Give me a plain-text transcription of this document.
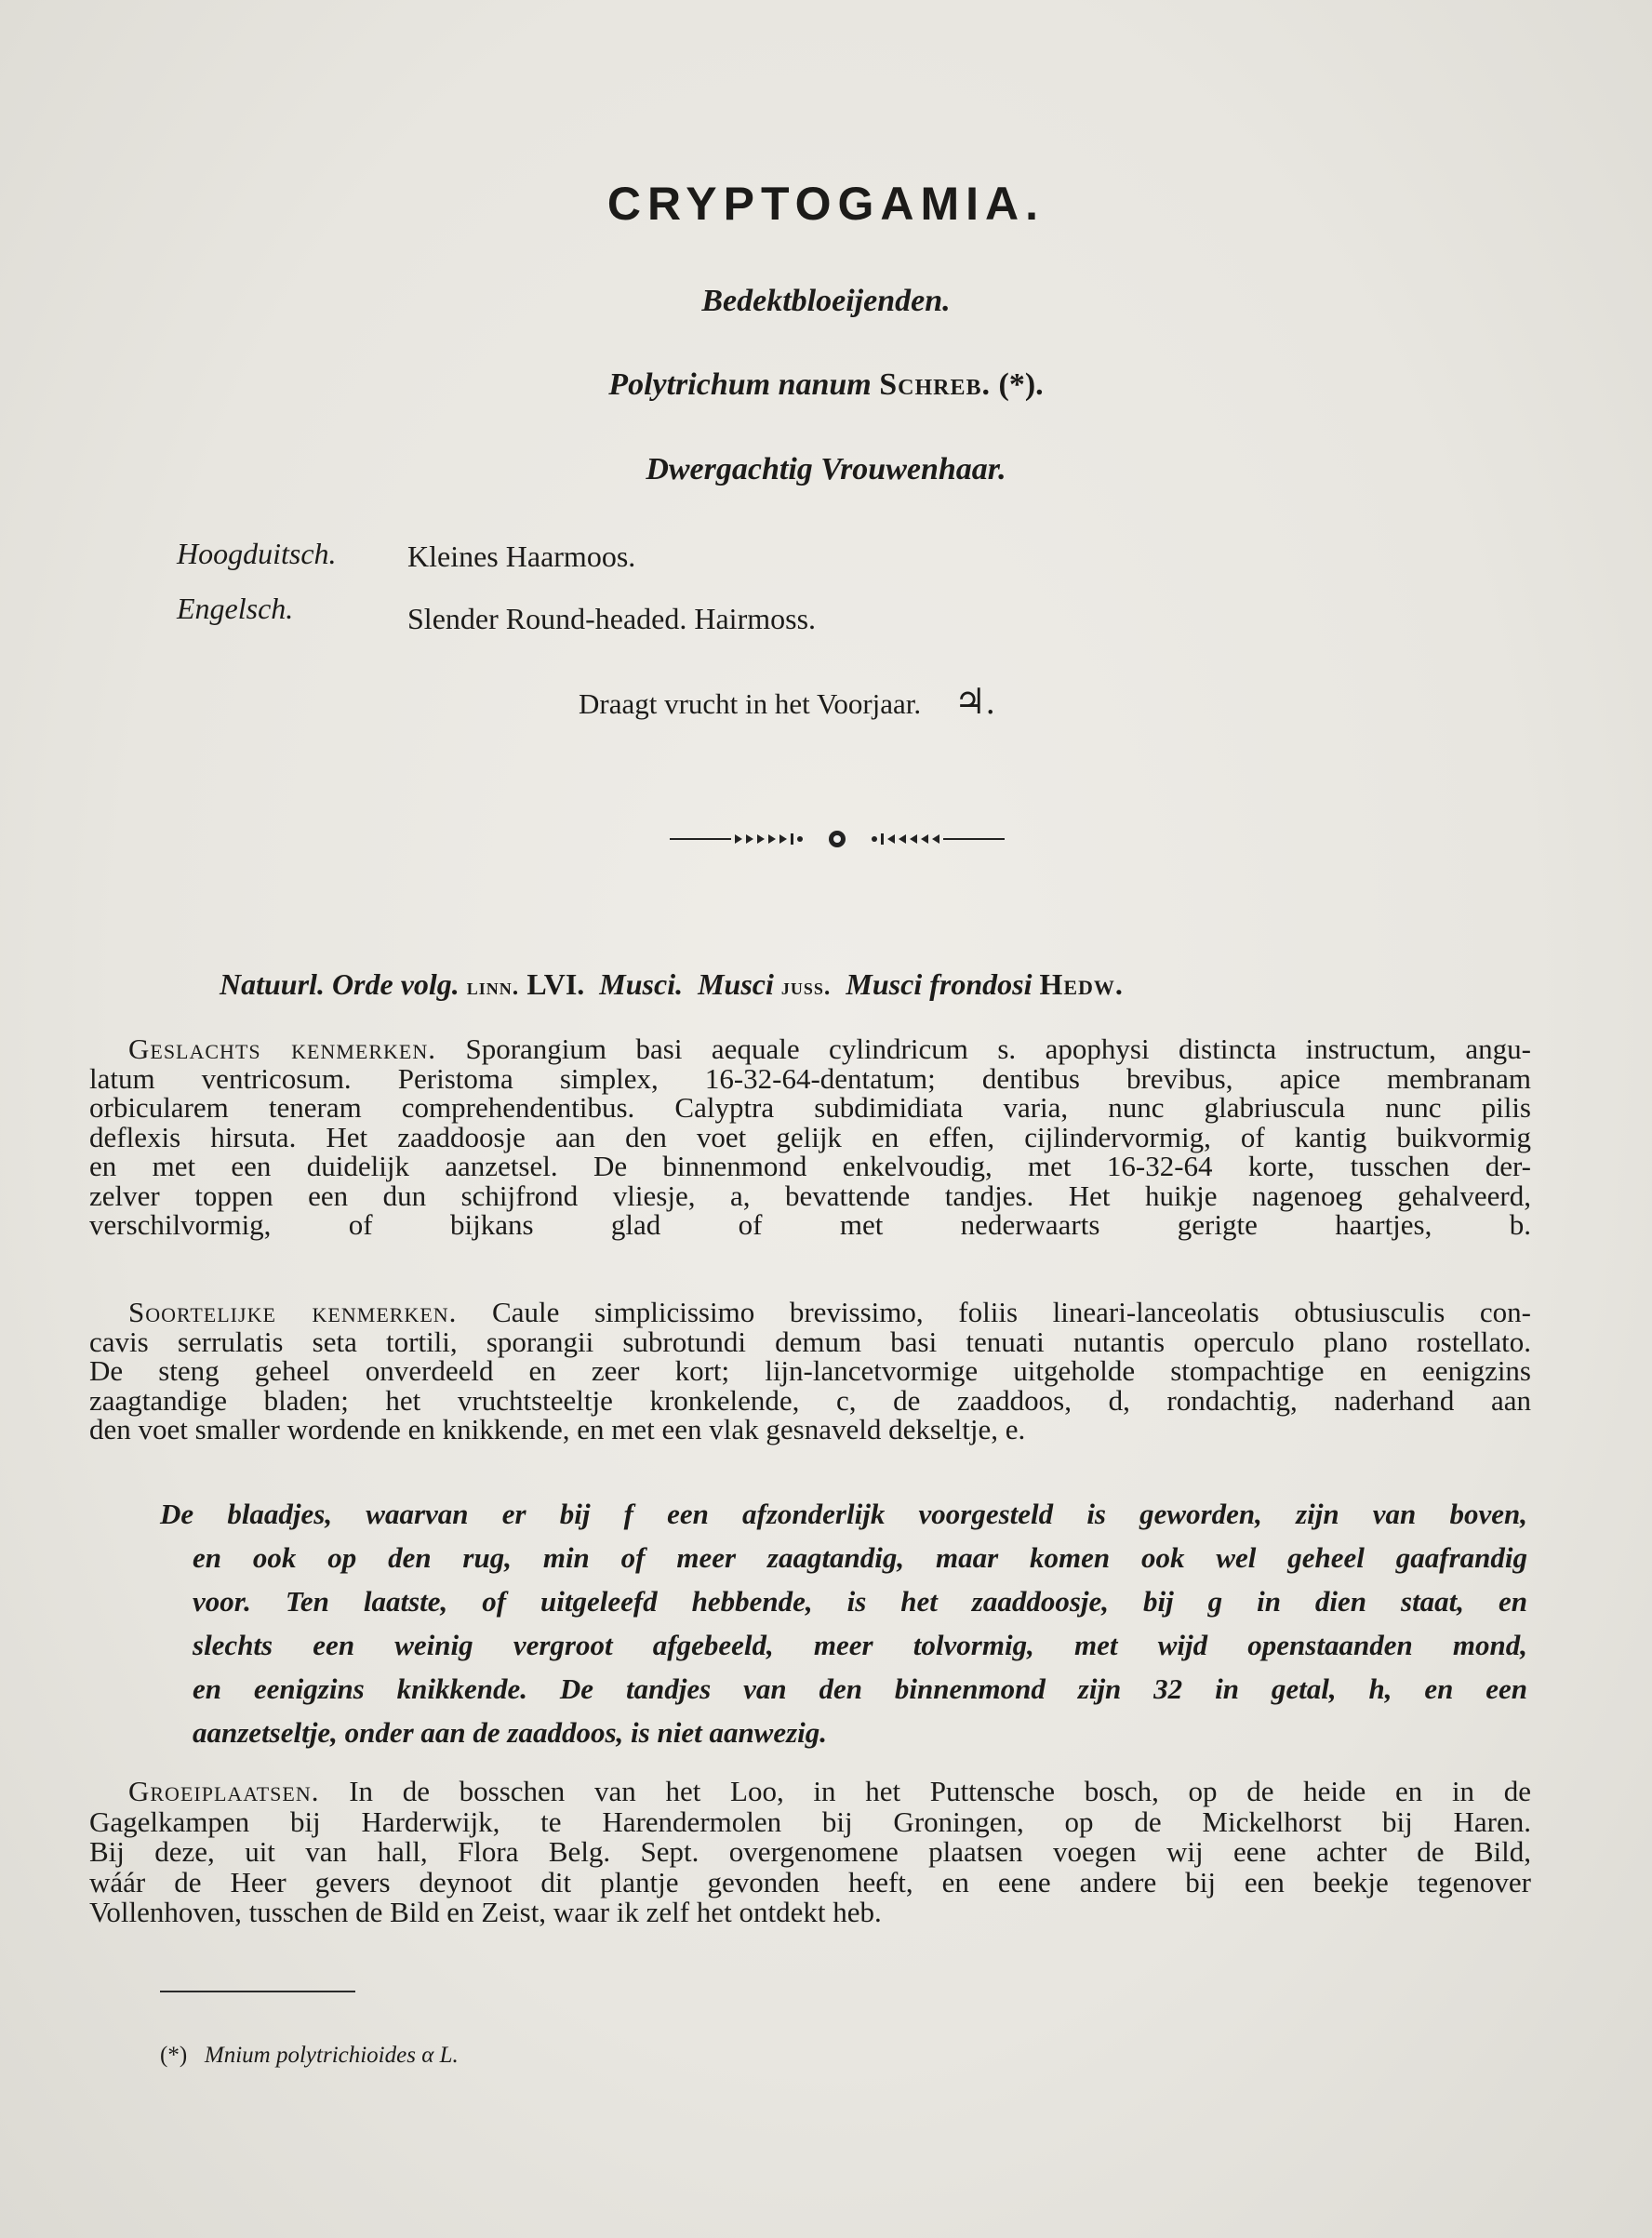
CRYPTOGAMIA.
Bedektbloeijenden.
Polytrichum nanum Schreb. (*).
Dwergachtig Vrouwenhaar.
Hoogduitsch. Kleines Haarmoos.
Engelsch.	Slender Round-headed. Hairmoss.
Draagt vrucht in het Voorjaar. ♃.
Natuurl. Orde volg. linn. LVI. Musci. Musci juss. Musci frondosi Hedw.
Geslachts kenmerken. Sporangium basi aequale cylindricum s. apophysi distincta instructum, angu-
latum ventricosum. Peristoma simplex, 16-32-64-dentatum; dentibus brevibus, apice membranam
orbicularem teneram comprehendentibus. Calyptra subdimidiata varia, nunc glabriuscula nunc pilis
deflexis hirsuta. Het zaaddoosje aan den voet gelijk en effen, cijlindervormig, of kantig buikvormig
en met een duidelijk aanzetsel. De binnenmond enkelvoudig, met 16-32-64 korte, tusschen der-
zelver toppen een dun schijfrond vliesje, a, bevattende tandjes. Het huikje nagenoeg gehalveerd,
verschilvormig, of bijkans glad of met nederwaarts gerigte haartjes, b.
Soortelijke kenmerken. Caule simplicissimo brevissimo, foliis lineari-lanceolatis obtusiusculis con-
cavis serrulatis seta tortili, sporangii subrotundi demum basi tenuati nutantis operculo plano rostellato.
De steng geheel onverdeeld en zeer kort; lijn-lancetvormige uitgeholde stompachtige en eenigzins
zaagtandige bladen; het vruchtsteeltje kronkelende, c, de zaaddoos, d, rondachtig, naderhand aan
den voet smaller wordende en knikkende, en met een vlak gesnaveld dekseltje, e.
De blaadjes, waarvan er bij f een afzonderlijk voorgesteld is geworden, zijn van boven,
en ook op den rug, min of meer zaagtandig, maar komen ook wel geheel gaafrandig
voor. Ten laatste, of uitgeleefd hebbende, is het zaaddoosje, bij g in dien staat, en
slechts een weinig vergroot afgebeeld, meer tolvormig, met wijd openstaanden mond,
en eenigzins knikkende. De tandjes van den binnenmond zijn 32 in getal, h, en een
aanzetseltje, onder aan de zaaddoos, is niet aanwezig.
Groeiplaatsen. In de bosschen van het Loo, in het Puttensche bosch, op de heide en in de
Gagelkampen bij Harderwijk, te Harendermolen bij Groningen, op de Mickelhorst bij Haren.
Bij deze, uit van hall, Flora Belg. Sept. overgenomene plaatsen voegen wij eene achter de Bild,
wáár de Heer gevers deynoot dit plantje gevonden heeft, en eene andere bij een beekje tegenover
Vollenhoven, tusschen de Bild en Zeist, waar ik zelf het ontdekt heb.
(*) Mnium polytrichioides α L.
